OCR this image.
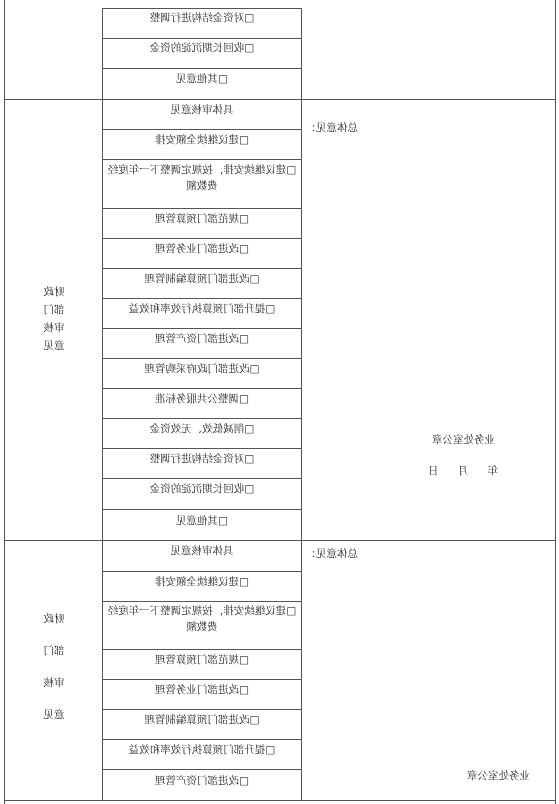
□对资金结构进行调整
□收回长期沉淀的资金
□其他意见
具体审核意见
□建议继续全额安排
□建议继续安排，按规定调整下一年度经费数额
□规范部门预算管理
□改进部门业务管理
□改进部门预算编制管理
□提升部门预算执行效率和效益
□改进部门资产管理
□改进部门政府采购管理
□调整公共服务标准
□削减低效、无效资金
□对资金结构进行调整
□收回长期沉淀的资金
□其他意见
总体意见：
业务处室公章
年 月 日
财政
部门
审核
意见
具体审核意见
□建议继续全额安排
□建议继续安排，按规定调整下一年度经费数额
□规范部门预算管理
□改进部门业务管理
□改进部门预算编制管理
□提升部门预算执行效率和效益
□改进部门资产管理
总体意见：
业务处室公章
财政
部门
审核
意见
